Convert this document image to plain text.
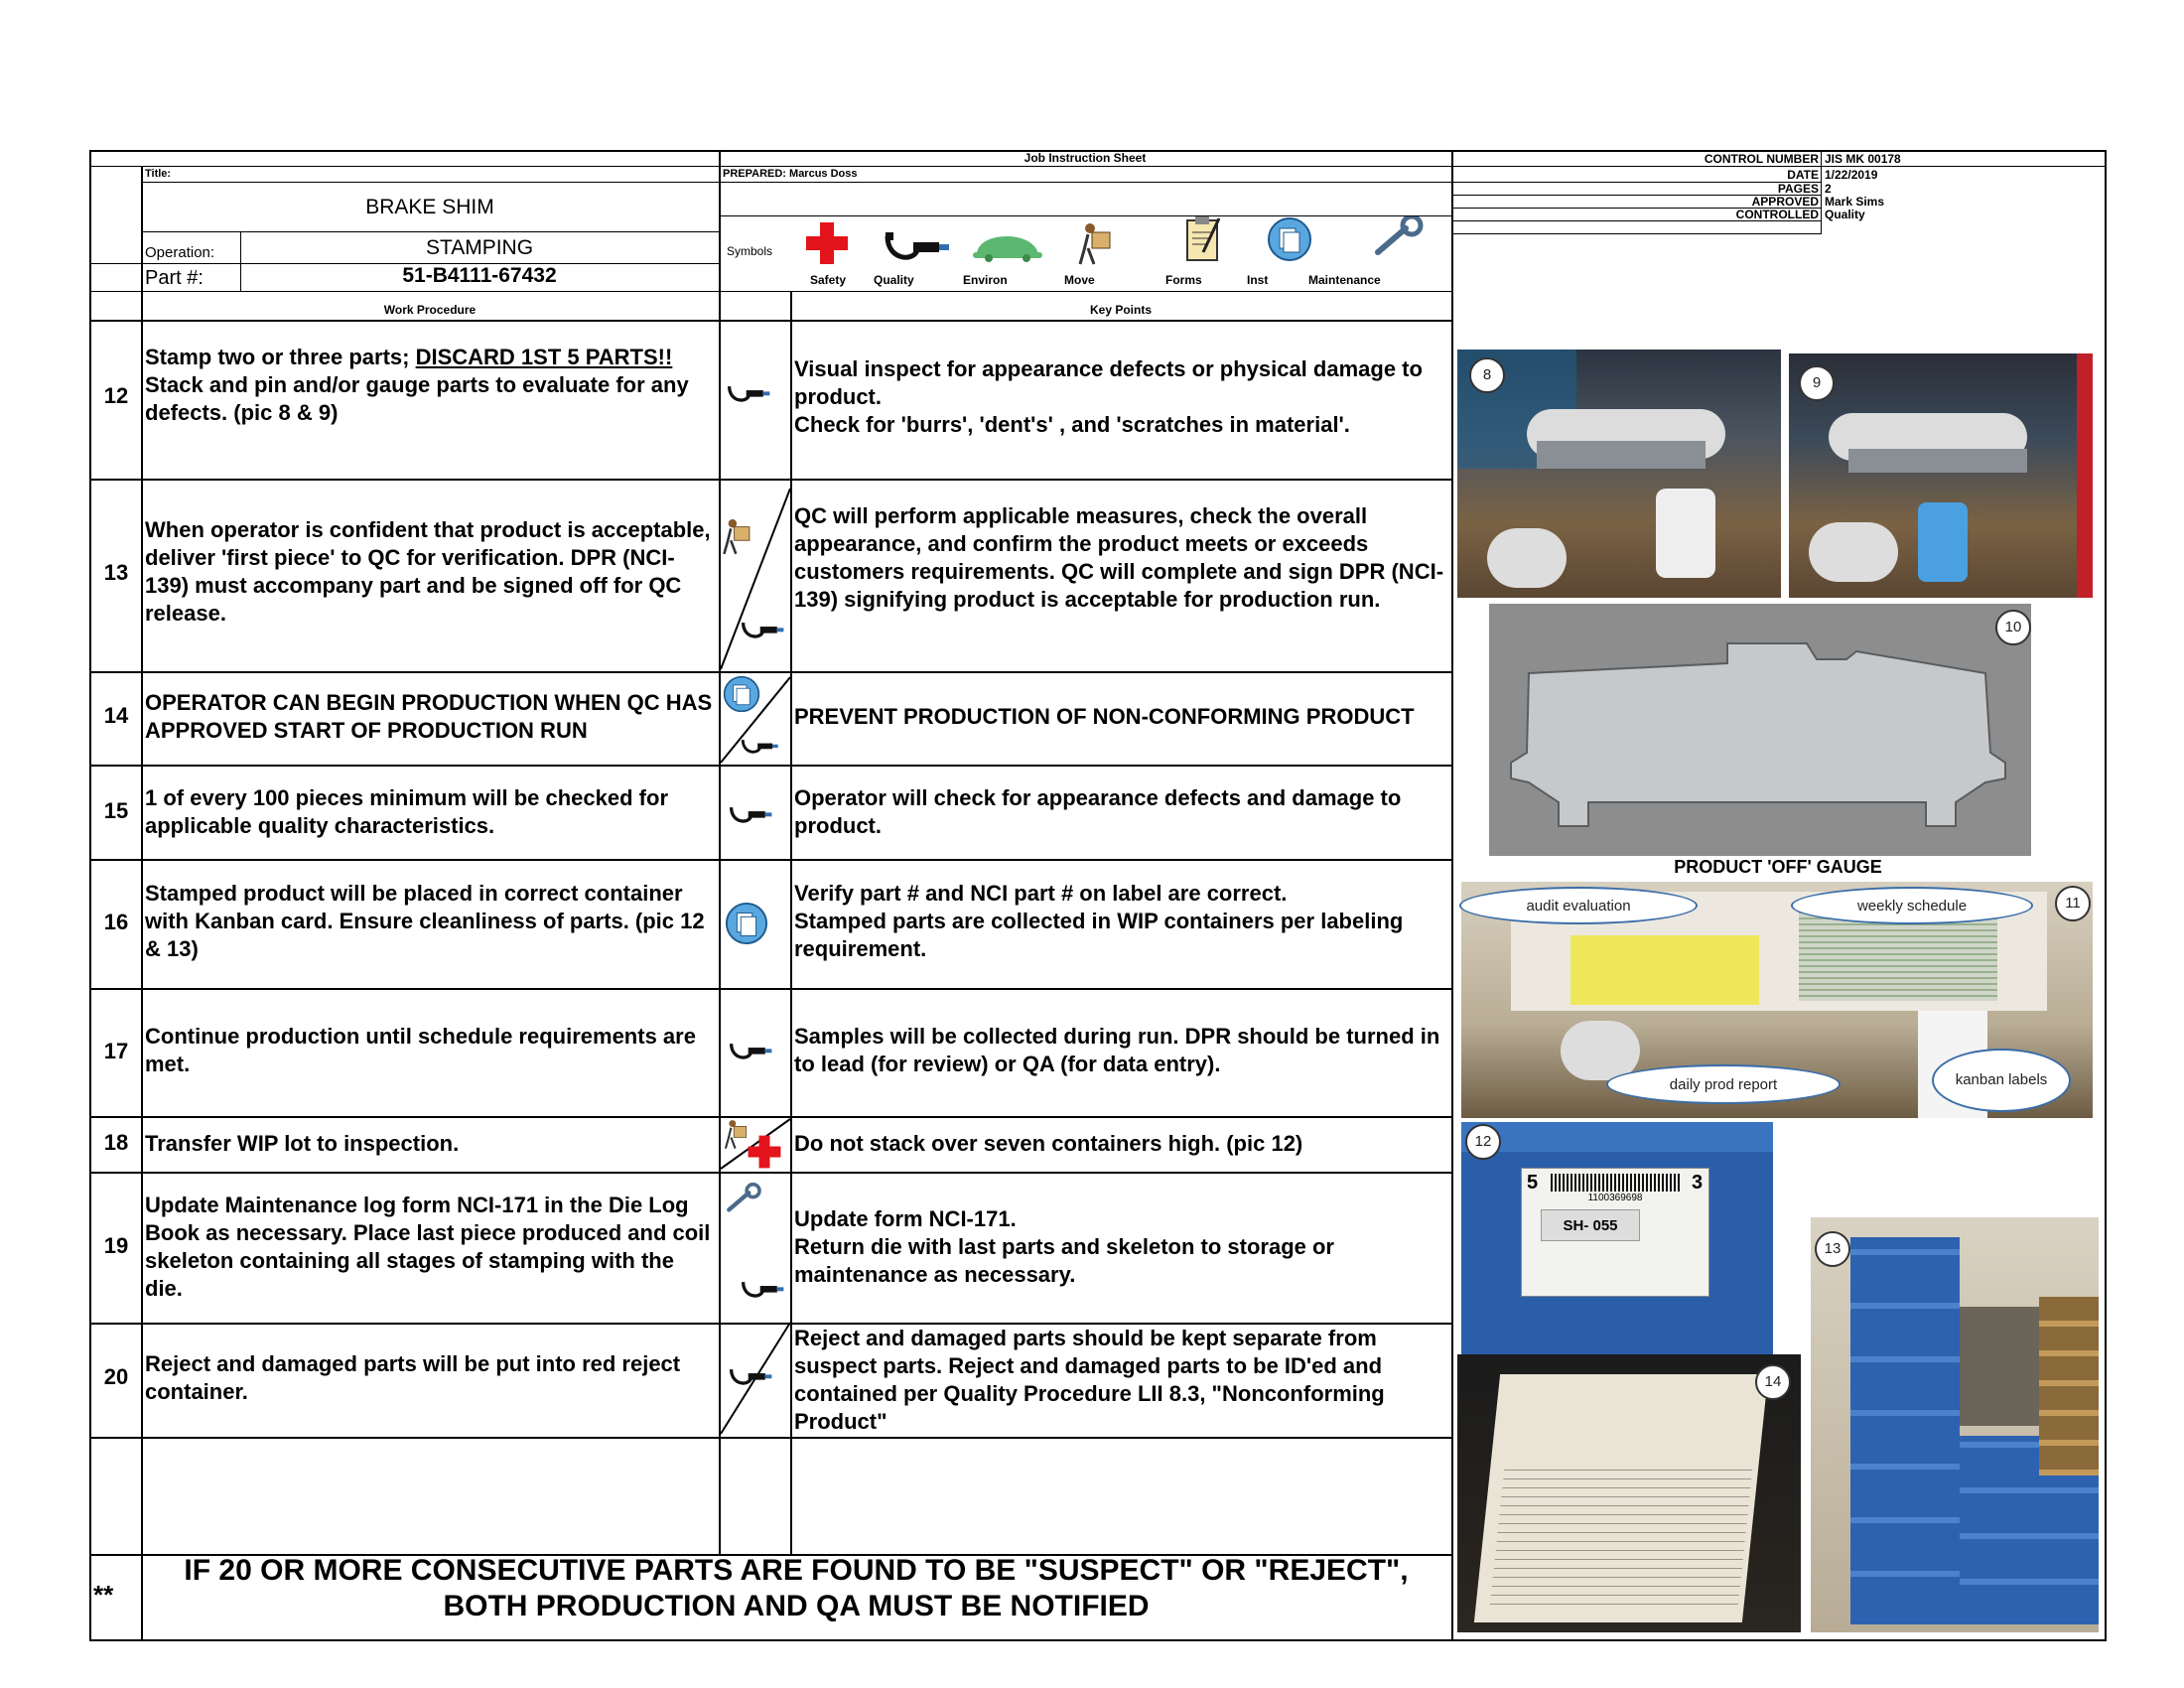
Job Instruction Sheet
Title:	PREPARED: Marcus Doss
BRAKE SHIM
Operation:	STAMPING
Part #:	51-B4111-67432
Symbols
Work Procedure	Key Points
CONTROL NUMBER JIS MK 00178
DATE 1/22/2019
PAGES 2
APPROVED Mark Sims
CONTROLLED Quality
Safety Quality	Environ	Move	Forms	Inst	Maintenance
12
Stamp two or three parts; DISCARD 1ST 5 PARTS!! Stack and pin and/or gauge parts to evaluate for any defects. (pic 8 & 9)
Visual inspect for appearance defects or physical damage to product.
Check for 'burrs', 'dent's' , and 'scratches in material'.
13
When operator is confident that product is acceptable, deliver 'first piece' to QC for verification. DPR (NCI-139) must accompany part and be signed off for QC release.
QC will perform applicable measures, check the overall appearance, and confirm the product meets or exceeds customers requirements. QC will complete and sign DPR (NCI-139) signifying product is acceptable for production run.
14
OPERATOR CAN BEGIN PRODUCTION WHEN QC HAS APPROVED START OF PRODUCTION RUN
PREVENT PRODUCTION OF NON-CONFORMING PRODUCT
15
1 of every 100 pieces minimum will be checked for applicable quality characteristics.
Operator will check for appearance defects and damage to product.
16
Stamped product will be placed in correct container with Kanban card. Ensure cleanliness of parts. (pic 12 & 13)
Verify part # and NCI part # on label are correct.
Stamped parts are collected in WIP containers per labeling requirement.
17
Continue production until schedule requirements are met.
Samples will be collected during run. DPR should be turned in to lead (for review) or QA (for data entry).
18 Transfer WIP lot to inspection.	Do not stack over seven containers high. (pic 12)
19
Update Maintenance log form NCI-171 in the Die Log Book as necessary. Place last piece produced and coil skeleton containing all stages of stamping with the die.
Update form NCI-171.
Return die with last parts and skeleton to storage or maintenance as necessary.
20
Reject and damaged parts will be put into red reject container.
Reject and damaged parts should be kept separate from suspect parts. Reject and damaged parts to be ID'ed and contained per Quality Procedure LII 8.3, "Nonconforming Product"
**
IF 20 OR MORE CONSECUTIVE PARTS ARE FOUND TO BE "SUSPECT" OR "REJECT",
BOTH PRODUCTION AND QA MUST BE NOTIFIED
8	9
10
PRODUCT 'OFF' GAUGE
11
audit evaluation	weekly schedule
daily prod report	kanban labels
1100369698
SH- 055
5	3
12
14
13
